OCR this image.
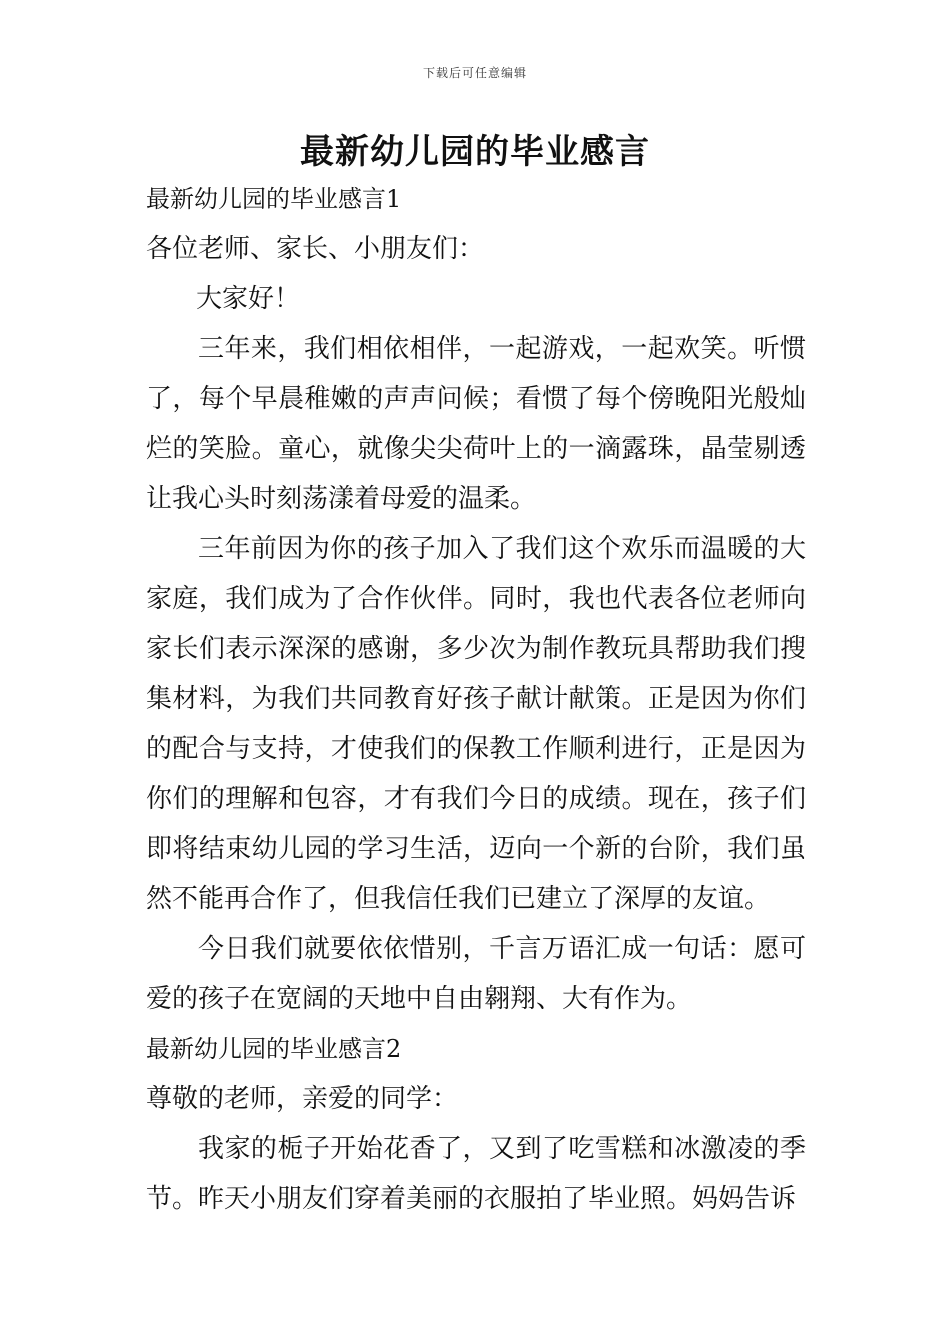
下载后可任意编辑
最新幼儿园的毕业感言
最新幼儿园的毕业感言1
各位老师、家长、小朋友们：
大家好！

三年来，我们相依相伴，一起游戏，一起欢笑。听惯了，每个早晨稚嫩的声声问候；看惯了每个傍晚阳光般灿烂的笑脸。童心，就像尖尖荷叶上的一滴露珠，晶莹剔透让我心头时刻荡漾着母爱的温柔。

三年前因为你的孩子加入了我们这个欢乐而温暖的大家庭，我们成为了合作伙伴。同时，我也代表各位老师向家长们表示深深的感谢，多少次为制作教玩具帮助我们搜集材料，为我们共同教育好孩子献计献策。正是因为你们的配合与支持，才使我们的保教工作顺利进行，正是因为你们的理解和包容，才有我们今日的成绩。现在，孩子们即将结束幼儿园的学习生活，迈向一个新的台阶，我们虽然不能再合作了，但我信任我们已建立了深厚的友谊。

今日我们就要依依惜别，千言万语汇成一句话：愿可爱的孩子在宽阔的天地中自由翱翔、大有作为。

最新幼儿园的毕业感言2
尊敬的老师，亲爱的同学：

我家的栀子开始花香了，又到了吃雪糕和冰激凌的季节。昨天小朋友们穿着美丽的衣服拍了毕业照。妈妈告诉
